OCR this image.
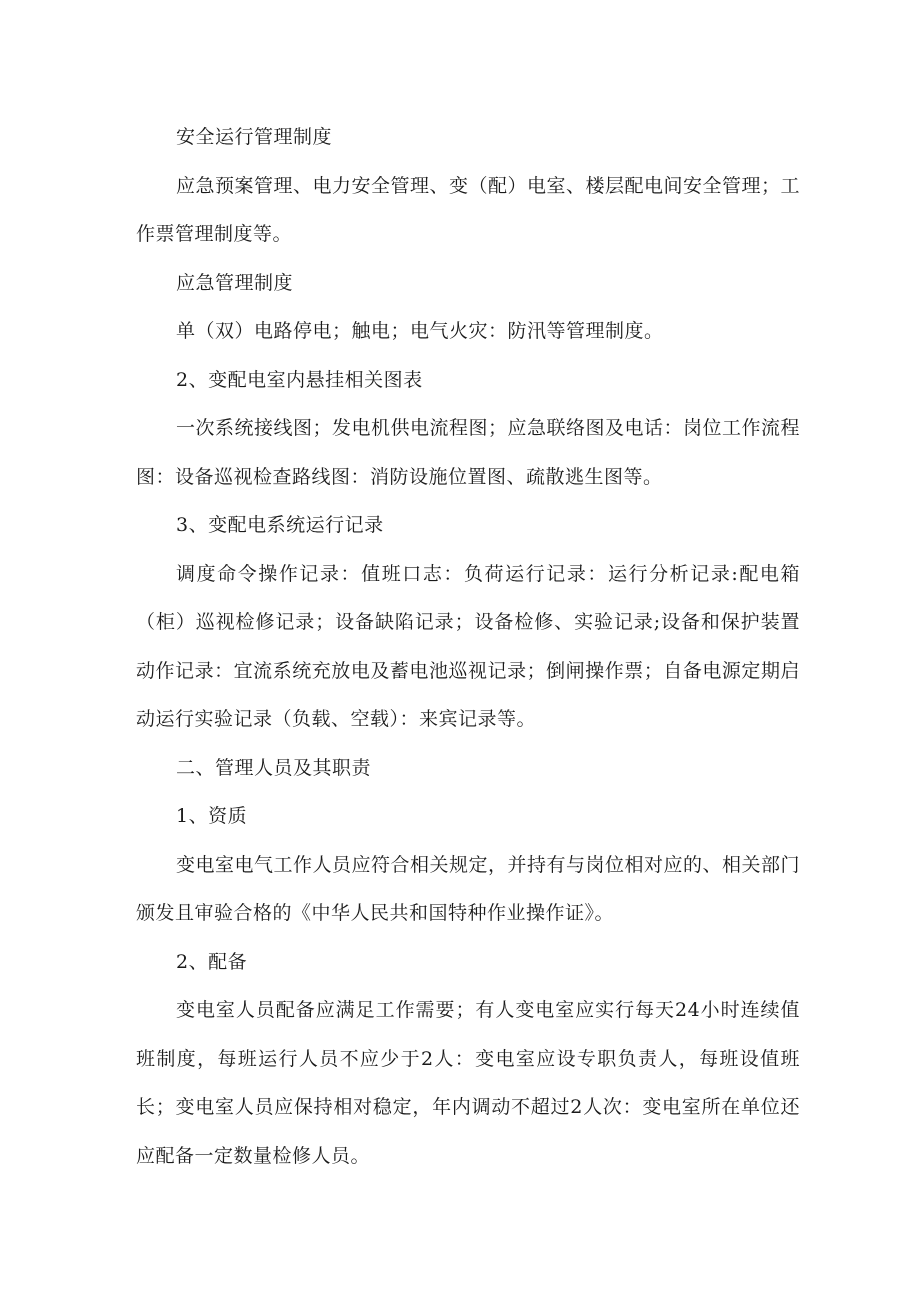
安全运行管理制度

应急预案管理、电力安全管理、变（配）电室、楼层配电间安全管理；工作票管理制度等。

应急管理制度

单（双）电路停电；触电；电气火灾：防汛等管理制度。

2、变配电室内悬挂相关图表

一次系统接线图；发电机供电流程图；应急联络图及电话：岗位工作流程图：设备巡视检查路线图：消防设施位置图、疏散逃生图等。

3、变配电系统运行记录

调度命令操作记录：值班口志：负荷运行记录：运行分析记录:配电箱（柜）巡视检修记录；设备缺陷记录；设备检修、实验记录;设备和保护装置动作记录：宜流系统充放电及蓄电池巡视记录；倒闸操作票；自备电源定期启动运行实验记录（负载、空载）：来宾记录等。

二、管理人员及其职责

1、资质

变电室电气工作人员应符合相关规定，并持有与岗位相对应的、相关部门颁发且审验合格的《中华人民共和国特种作业操作证》。

2、配备

变电室人员配备应满足工作需要；有人变电室应实行每天24小时连续值班制度，每班运行人员不应少于2人：变电室应设专职负责人，每班设值班长；变电室人员应保持相对稳定，年内调动不超过2人次：变电室所在单位还应配备一定数量检修人员。
